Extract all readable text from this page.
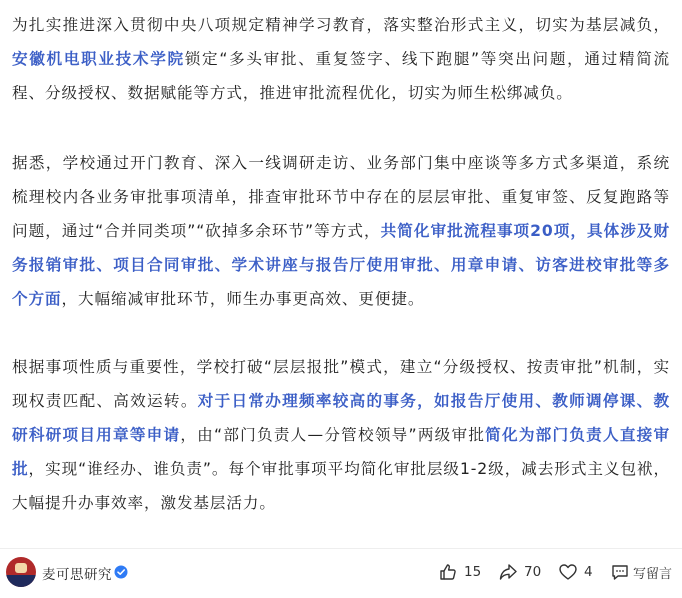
为扎实推进深入贯彻中央八项规定精神学习教育，落实整治形式主义，切实为基层减负，安徽机电职业技术学院锁定“多头审批、重复签字、线下跑腿”等突出问题，通过精简流程、分级授权、数据赋能等方式，推进审批流程优化，切实为师生松绑减负。

据悉，学校通过开门教育、深入一线调研走访、业务部门集中座谈等多方式多渠道，系统梳理校内各业务审批事项清单，排查审批环节中存在的层层审批、重复审签、反复跑路等问题，通过“合并同类项”“砍掉多余环节”等方式，共简化审批流程事项20项，具体涉及财务报销审批、项目合同审批、学术讲座与报告厅使用审批、用章申请、访客进校审批等多个方面，大幅缩减审批环节，师生办事更高效、更便捷。

根据事项性质与重要性，学校打破“层层报批”模式，建立“分级授权、按责审批”机制，实现权责匹配、高效运转。对于日常办理频率较高的事务，如报告厅使用、教师调停课、教研科研项目用章等申请，由“部门负责人—分管校领导”两级审批简化为部门负责人直接审批，实现“谁经办、谁负责”。每个审批事项平均简化审批层级1-2级，减去形式主义包袱，大幅提升办事效率，激发基层活力。

麦可思研究	15	70	4	写留言
